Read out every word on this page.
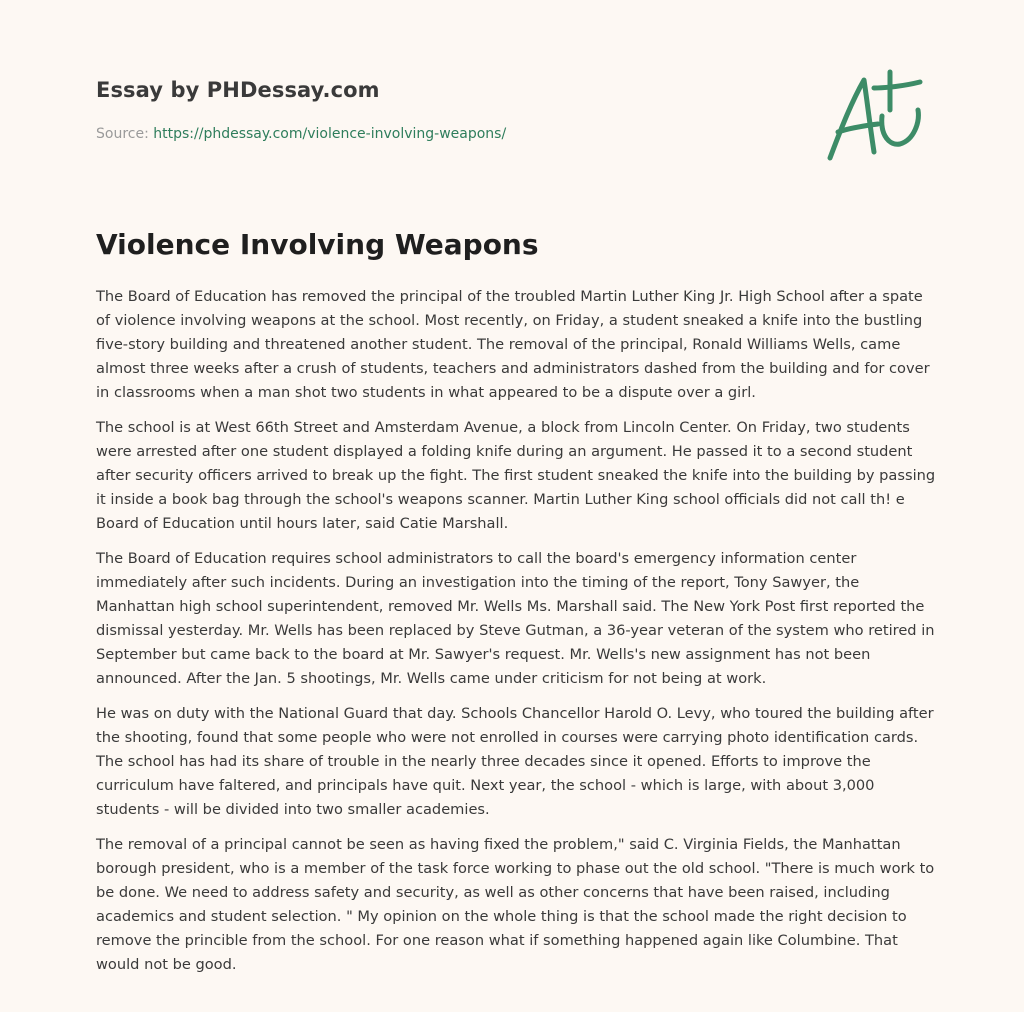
Essay by PHDessay.com
Source: https://phdessay.com/violence-involving-weapons/
Violence Involving Weapons

The Board of Education has removed the principal of the troubled Martin Luther King Jr. High School after a spate of violence involving weapons at the school. Most recently, on Friday, a student sneaked a knife into the bustling five-story building and threatened another student. The removal of the principal, Ronald Williams Wells, came almost three weeks after a crush of students, teachers and administrators dashed from the building and for cover in classrooms when a man shot two students in what appeared to be a dispute over a girl.

The school is at West 66th Street and Amsterdam Avenue, a block from Lincoln Center. On Friday, two students were arrested after one student displayed a folding knife during an argument. He passed it to a second student after security officers arrived to break up the fight. The first student sneaked the knife into the building by passing it inside a book bag through the school's weapons scanner. Martin Luther King school officials did not call th! e Board of Education until hours later, said Catie Marshall.

The Board of Education requires school administrators to call the board's emergency information center immediately after such incidents. During an investigation into the timing of the report, Tony Sawyer, the Manhattan high school superintendent, removed Mr. Wells Ms. Marshall said. The New York Post first reported the dismissal yesterday. Mr. Wells has been replaced by Steve Gutman, a 36-year veteran of the system who retired in September but came back to the board at Mr. Sawyer's request. Mr. Wells's new assignment has not been announced. After the Jan. 5 shootings, Mr. Wells came under criticism for not being at work.

He was on duty with the National Guard that day. Schools Chancellor Harold O. Levy, who toured the building after the shooting, found that some people who were not enrolled in courses were carrying photo identification cards. The school has had its share of trouble in the nearly three decades since it opened. Efforts to improve the curriculum have faltered, and principals have quit. Next year, the school - which is large, with about 3,000 students - will be divided into two smaller academies.

The removal of a principal cannot be seen as having fixed the problem," said C. Virginia Fields, the Manhattan borough president, who is a member of the task force working to phase out the old school. "There is much work to be done. We need to address safety and security, as well as other concerns that have been raised, including academics and student selection. " My opinion on the whole thing is that the school made the right decision to remove the princible from the school. For one reason what if something happened again like Columbine. That would not be good.
